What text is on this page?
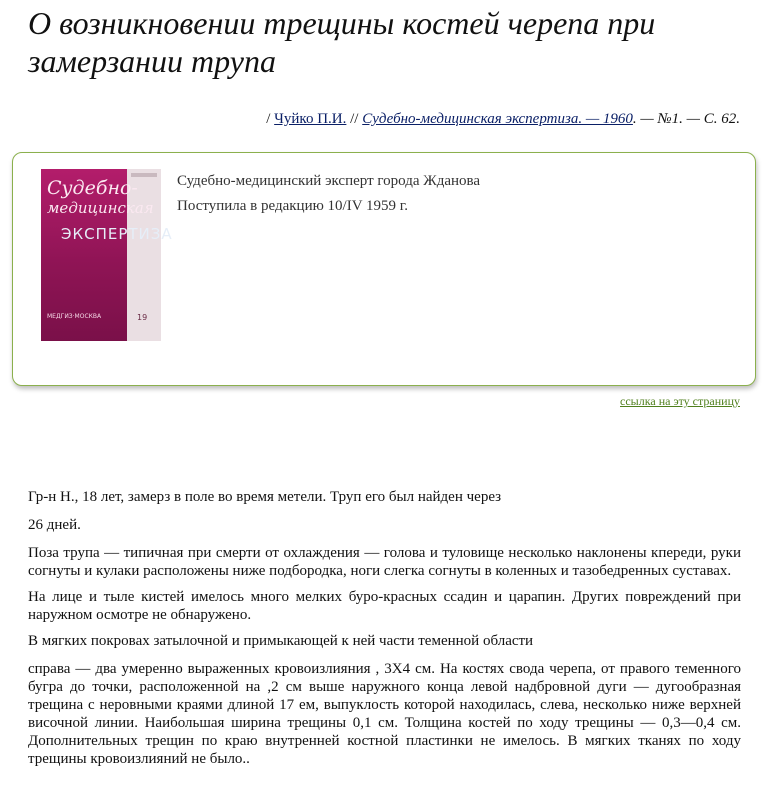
О возникновении трещины костей черепа при замерзании трупа
/ Чуйко П.И. // Судебно-медицинская экспертиза. — 1960. — №1. — С. 62.
Судебно-
медицинская
ЭКСПЕРТИЗА
МЕДГИЗ·МОСКВА	19
Судебно-медицинский эксперт города Жданова
Поступила в редакцию 10/IV 1959 г.
ссылка на эту страницу

Гр-н Н., 18 лет, замерз в поле во время метели. Труп его был найден через

26 дней.

Поза трупа — типичная при смерти от охлаждения — голова и туловище несколько наклонены кпереди, руки согнуты и кулаки расположены ниже подбородка, ноги слегка согнуты в коленных и тазобедренных суставах.

На лице и тыле кистей имелось много мелких буро-красных ссадин и царапин. Других повреждений при наружном осмотре не обнаружено.

В мягких покровах затылочной и примыкающей к ней части теменной области

справа — два умеренно выраженных кровоизлияния , 3Х4 см. На костях свода черепа, от правого теменного бугра до точки, расположенной на ,2 см выше наружного конца левой надбровной дуги — дугообразная трещина с неровными краями длиной 17 ем, выпуклость которой находилась, слева, несколько ниже верхней височной линии. Наибольшая ширина трещины 0,1 см. Толщина костей по ходу трещины — 0,3—0,4 см. Дополнительных трещин по краю внутренней костной пластинки не имелось. В мягких тканях по ходу трещины кровоизлияний не было..
